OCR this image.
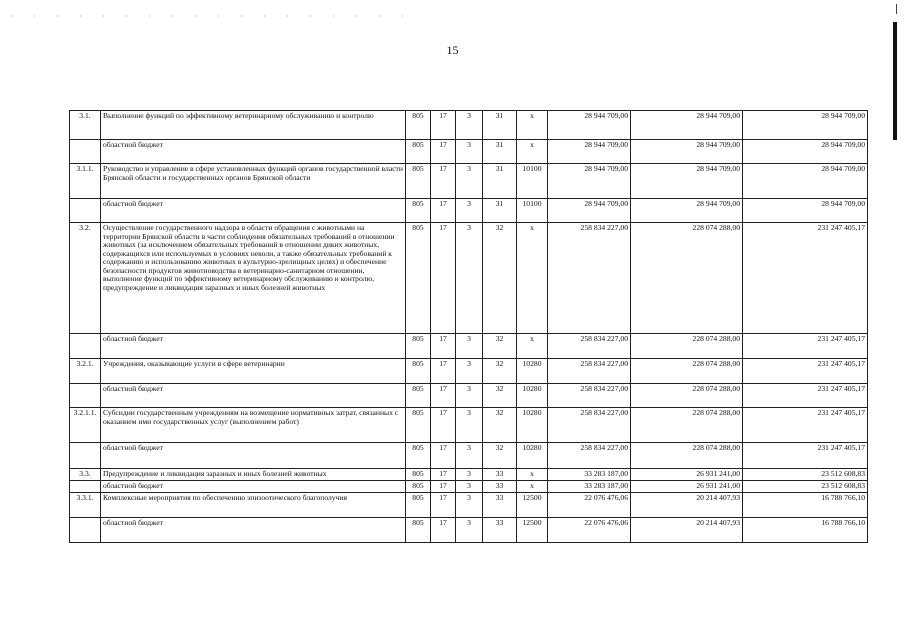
15
3.1.	Выполнение функций по эффективному ветеринарному обслуживанию и контролю	805	17	3	31	x	28 944 709,00	28 944 709,00	28 944 709,00
	областной бюджет	805	17	3	31	x	28 944 709,00	28 944 709,00	28 944 709,00
3.1.1.	Руководство и управление в сфере установленных функций органов государственной власти Брянской области и государственных органов Брянской области	805	17	3	31	10100	28 944 709,00	28 944 709,00	28 944 709,00
	областной бюджет	805	17	3	31	10100	28 944 709,00	28 944 709,00	28 944 709,00
3.2.	Осуществление государственного надзора в области обращения с животными на территории Брянской области в части соблюдения обязательных требований в отношении животных (за исключением обязательных требований в отношении диких животных, содержащихся или используемых в условиях неволи, а также обязательных требований к содержанию и использованию животных в культурно-зрелищных целях) и обеспечение безопасности продуктов животноводства в ветеринарно-санитарном отношении, выполнение функций по эффективному ветеринарному обслуживанию и контролю, предупреждение и ликвидация заразных и иных болезней животных	805	17	3	32	x	258 834 227,00	228 074 288,00	231 247 405,17
	областной бюджет	805	17	3	32	x	258 834 227,00	228 074 288,00	231 247 405,17
3.2.1.	Учреждения, оказывающие услуги в сфере ветеринарии	805	17	3	32	10280	258 834 227,00	228 074 288,00	231 247 405,17
	областной бюджет	805	17	3	32	10280	258 834 227,00	228 074 288,00	231 247 405,17
3.2.1.1.	Субсидии государственным учреждениям на возмещение нормативных затрат, связанных с оказанием ими государственных услуг (выполнением работ)	805	17	3	32	10280	258 834 227,00	228 074 288,00	231 247 405,17
	областной бюджет	805	17	3	32	10280	258 834 227,00	228 074 288,00	231 247 405,17
3.3.	Предупреждение и ликвидация заразных и иных болезней животных	805	17	3	33	x	33 283 187,00	26 931 241,00	23 512 608,83
	областной бюджет	805	17	3	33	x	33 283 187,00	26 931 241,00	23 512 608,83
3.3.1.	Комплексные мероприятия по обеспечению эпизоотического благополучия	805	17	3	33	12500	22 076 476,06	20 214 407,93	16 788 766,10
	областной бюджет	805	17	3	33	12500	22 076 476,06	20 214 407,93	16 788 766,10
